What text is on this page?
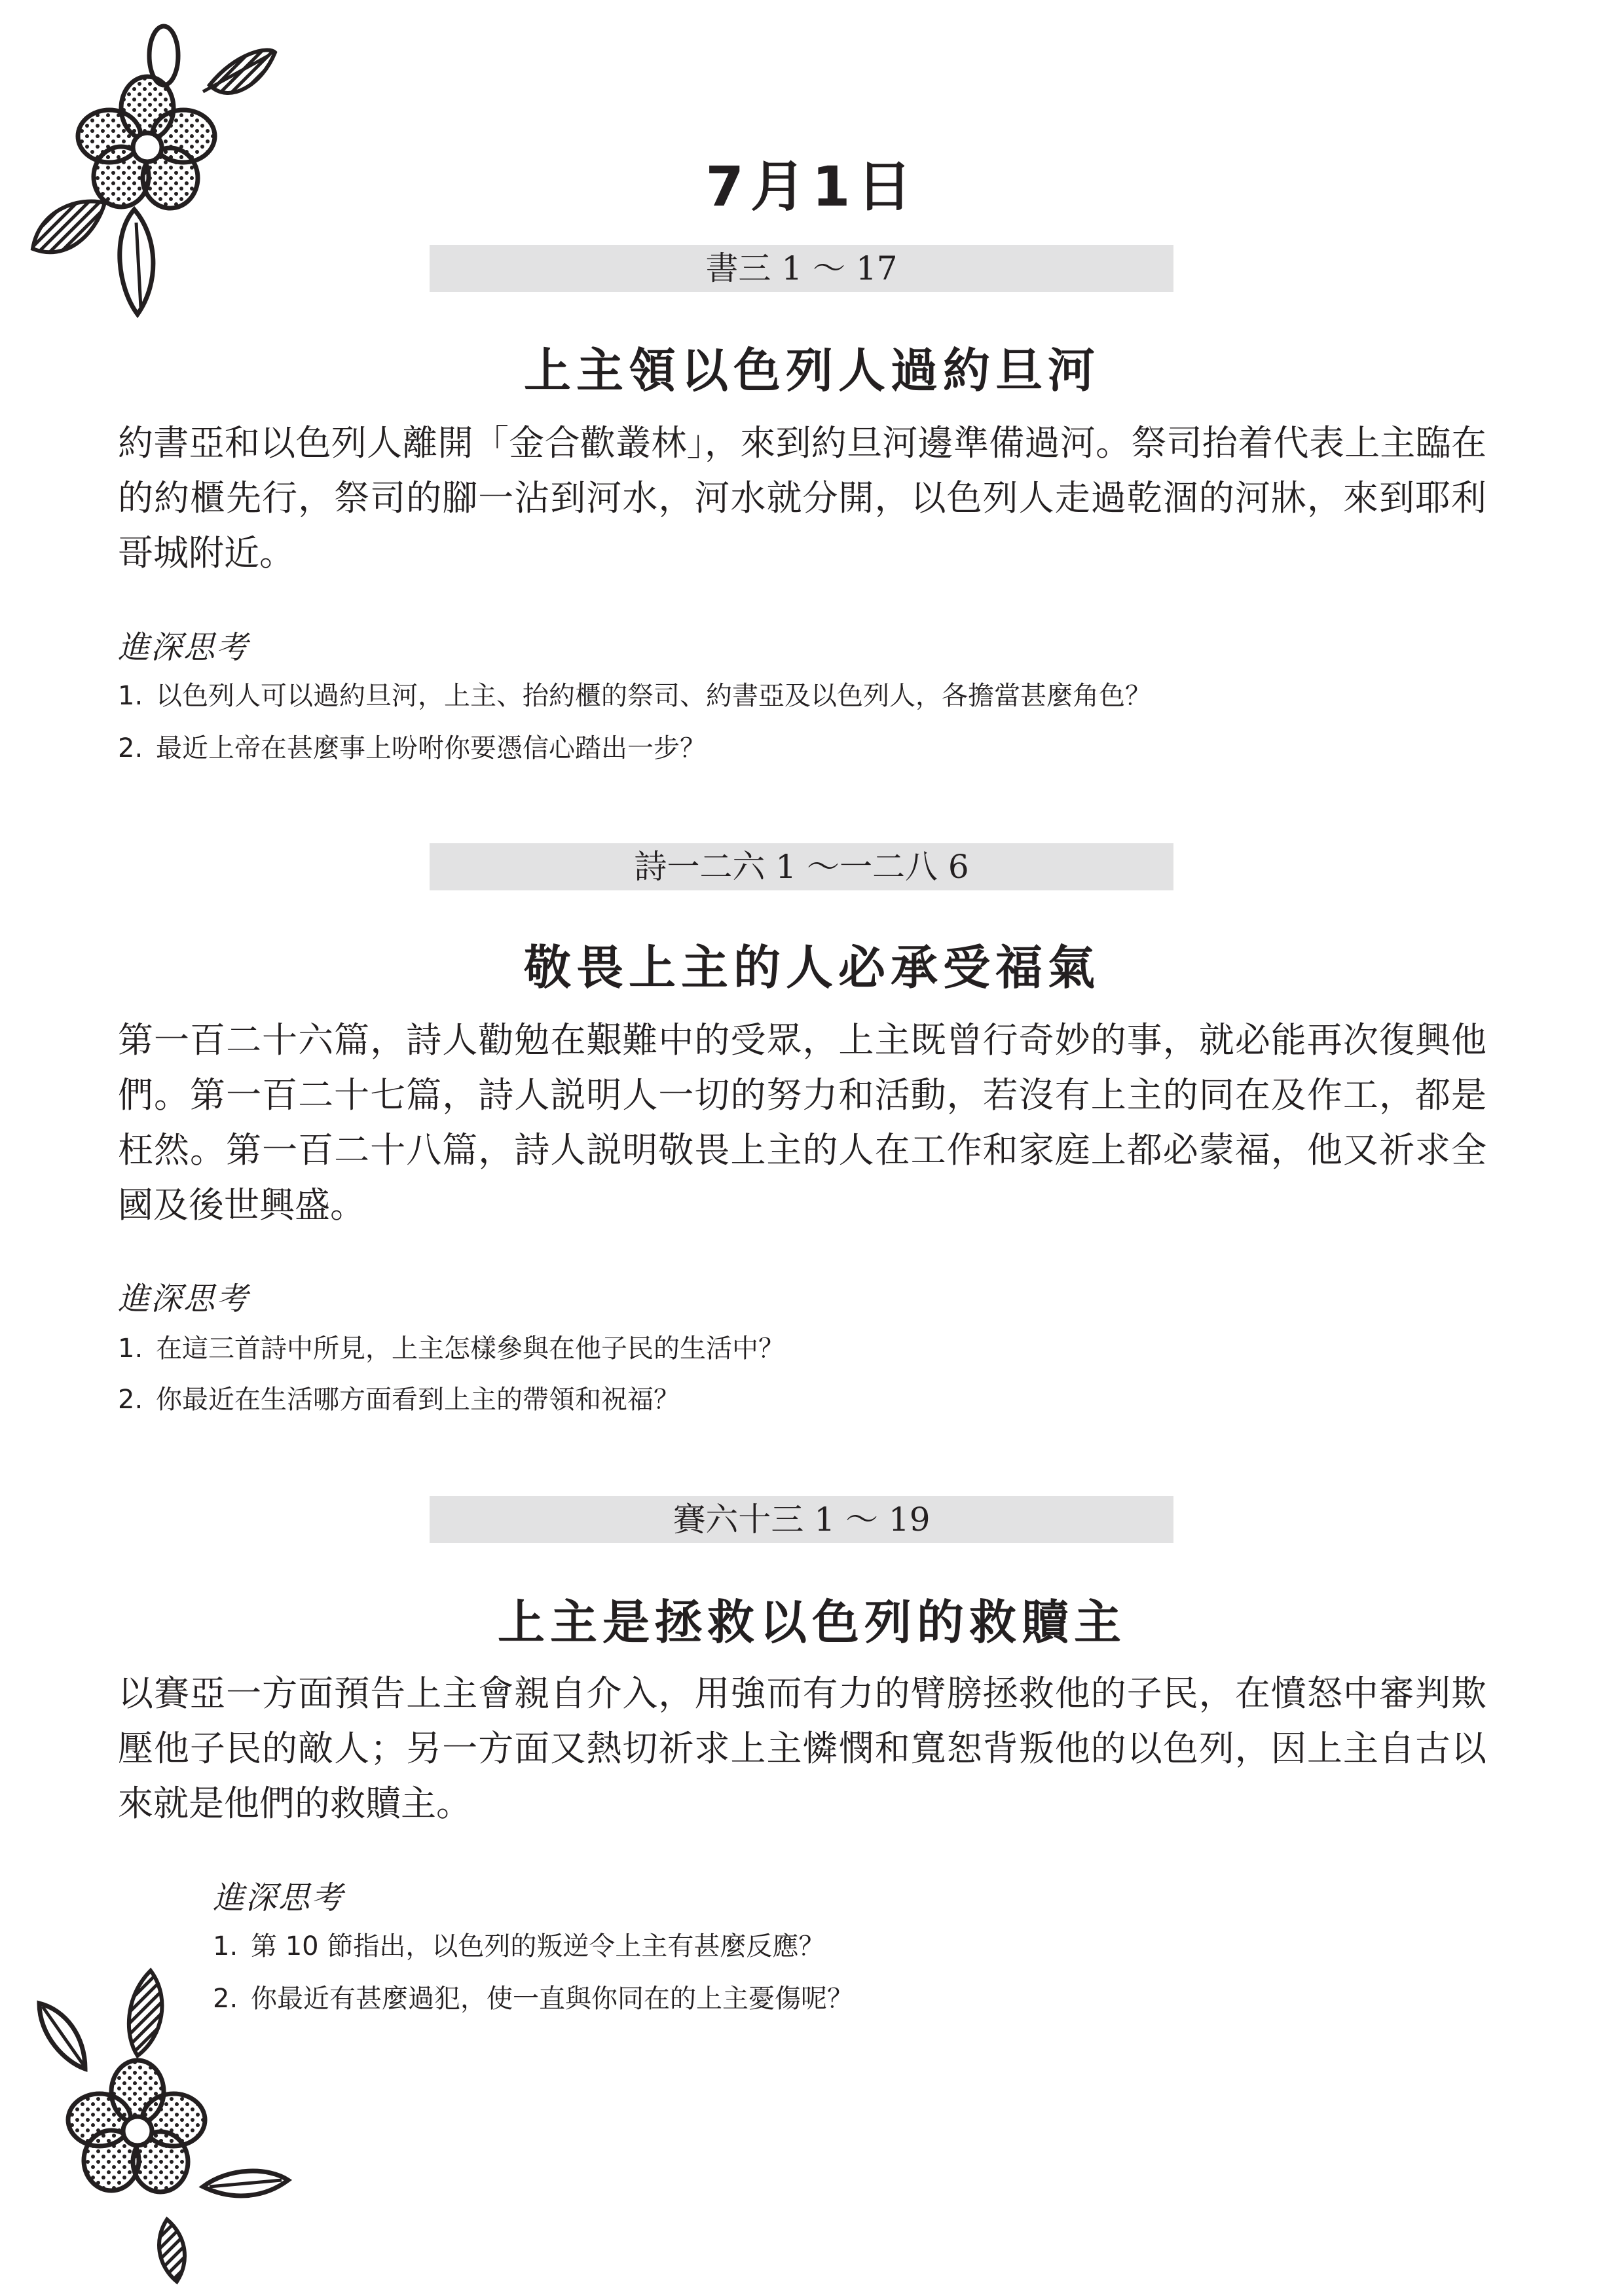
7月1日
書三 1 ～ 17
上主領以色列人過約旦河

約書亞和以色列人離開「金合歡叢林」，來到約旦河邊準備過河。祭司抬着代表上主臨在的約櫃先行，祭司的腳一沾到河水，河水就分開，以色列人走過乾涸的河牀，來到耶利哥城附近。

進深思考
1. 以色列人可以過約旦河，上主、抬約櫃的祭司、約書亞及以色列人，各擔當甚麼角色？
2. 最近上帝在甚麼事上吩咐你要憑信心踏出一步？
詩一二六 1 ～一二八 6
敬畏上主的人必承受福氣

第一百二十六篇，詩人勸勉在艱難中的受眾，上主既曾行奇妙的事，就必能再次復興他們。第一百二十七篇，詩人説明人一切的努力和活動，若沒有上主的同在及作工，都是枉然。第一百二十八篇，詩人説明敬畏上主的人在工作和家庭上都必蒙福，他又祈求全國及後世興盛。

進深思考
1. 在這三首詩中所見，上主怎樣參與在他子民的生活中？
2. 你最近在生活哪方面看到上主的帶領和祝福？
賽六十三 1 ～ 19
上主是拯救以色列的救贖主

以賽亞一方面預告上主會親自介入，用強而有力的臂膀拯救他的子民，在憤怒中審判欺壓他子民的敵人；另一方面又熱切祈求上主憐憫和寬恕背叛他的以色列，因上主自古以來就是他們的救贖主。

進深思考
1. 第 10 節指出，以色列的叛逆令上主有甚麼反應？
2. 你最近有甚麼過犯，使一直與你同在的上主憂傷呢？
